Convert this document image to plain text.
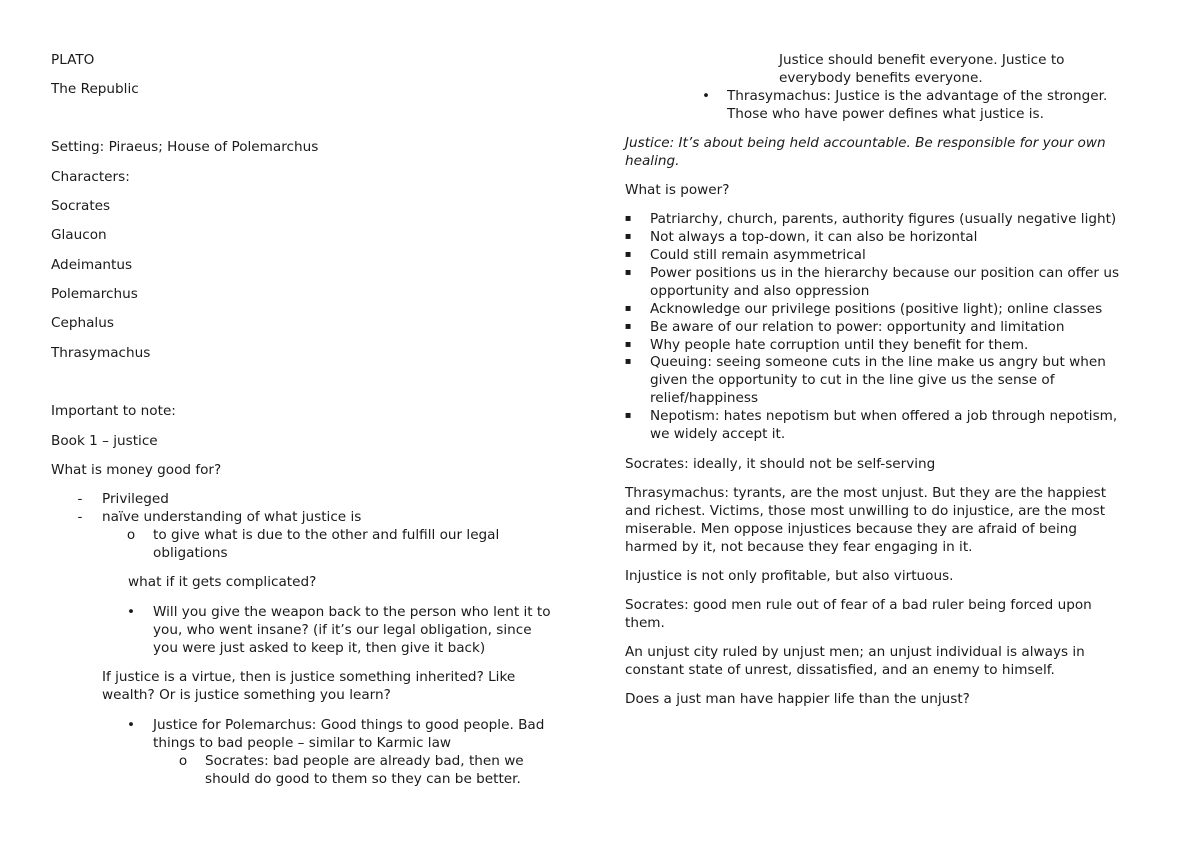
PLATO
The Republic
Setting: Piraeus; House of Polemarchus
Characters:
Socrates
Glaucon
Adeimantus
Polemarchus
Cephalus
Thrasymachus
Important to note:
Book 1 – justice
What is money good for?
- Privileged
- naïve understanding of what justice is
o to give what is due to the other and fulfill our legal
obligations
what if it gets complicated?
• Will you give the weapon back to the person who lent it to
you, who went insane? (if it’s our legal obligation, since
you were just asked to keep it, then give it back)
If justice is a virtue, then is justice something inherited? Like
wealth? Or is justice something you learn?
• Justice for Polemarchus: Good things to good people. Bad
things to bad people – similar to Karmic law
o Socrates: bad people are already bad, then we
should do good to them so they can be better.
Justice should benefit everyone. Justice to
everybody benefits everyone.
• Thrasymachus: Justice is the advantage of the stronger.
Those who have power defines what justice is.
Justice: It’s about being held accountable. Be responsible for your own
healing.
What is power?
▪ Patriarchy, church, parents, authority figures (usually negative light)
▪ Not always a top-down, it can also be horizontal
▪ Could still remain asymmetrical
▪ Power positions us in the hierarchy because our position can offer us
opportunity and also oppression
▪ Acknowledge our privilege positions (positive light); online classes
▪ Be aware of our relation to power: opportunity and limitation
▪ Why people hate corruption until they benefit for them.
▪ Queuing: seeing someone cuts in the line make us angry but when
given the opportunity to cut in the line give us the sense of
relief/happiness
▪ Nepotism: hates nepotism but when offered a job through nepotism,
we widely accept it.
Socrates: ideally, it should not be self-serving
Thrasymachus: tyrants, are the most unjust. But they are the happiest
and richest. Victims, those most unwilling to do injustice, are the most
miserable. Men oppose injustices because they are afraid of being
harmed by it, not because they fear engaging in it.
Injustice is not only profitable, but also virtuous.
Socrates: good men rule out of fear of a bad ruler being forced upon
them.
An unjust city ruled by unjust men; an unjust individual is always in
constant state of unrest, dissatisfied, and an enemy to himself.
Does a just man have happier life than the unjust?
